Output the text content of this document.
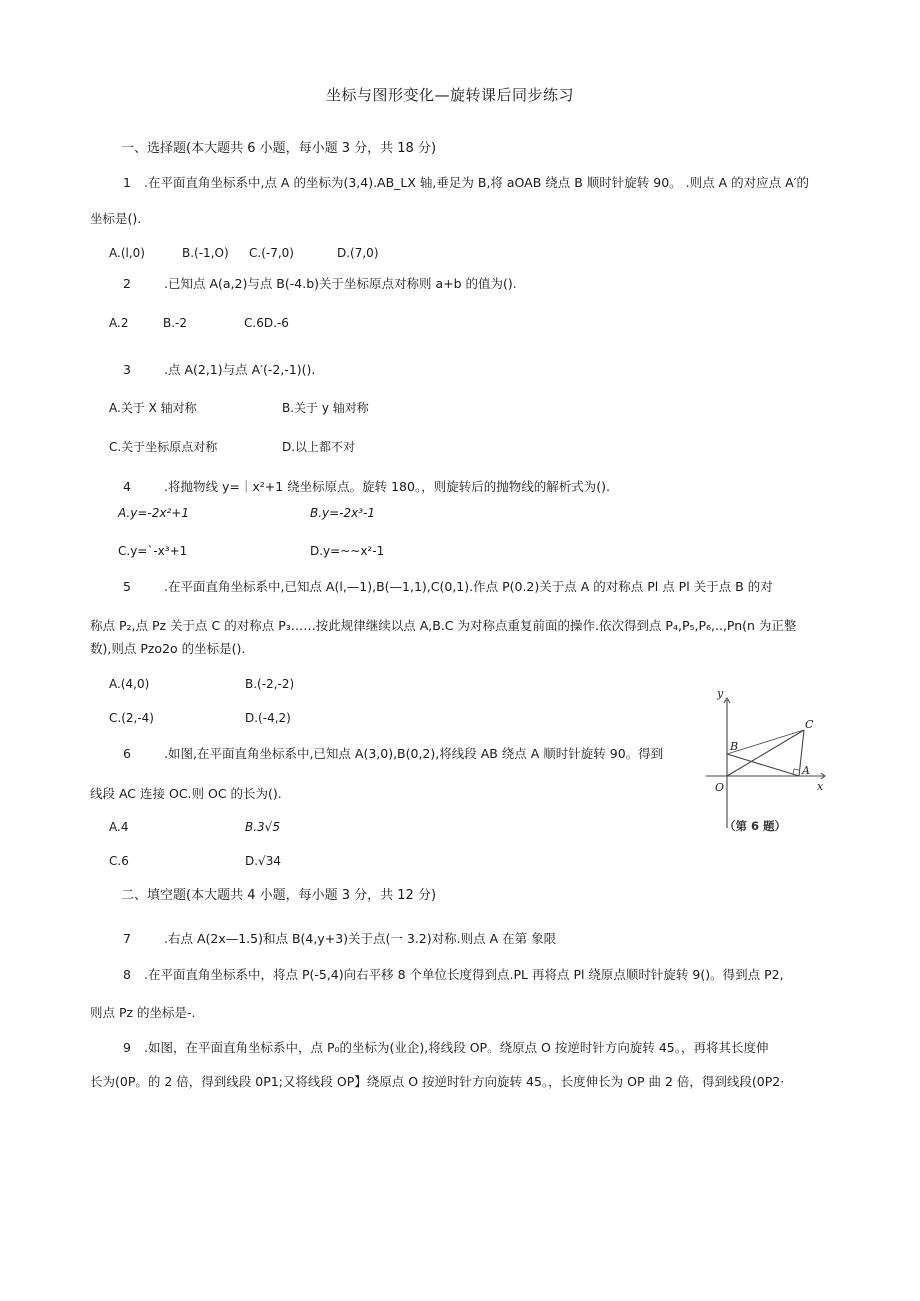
坐标与图形变化—旋转课后同步练习
一、选择题(本大题共 6 小题，每小题 3 分，共 18 分)
1 .在平面直角坐标系中,点 A 的坐标为(3,4).AB_LX 轴,垂足为 B,将 aOAB 绕点 B 顺时针旋转 90。 .则点 A 的对应点 A′的
坐标是().
A.(l,0)	B.(-1,O) C.(-7,0)	D.(7,0)
2	.已知点 A(a,2)与点 B(-4.b)关于坐标原点对称则 a+b 的值为().
A.2	B.-2	C.6D.-6
3	.点 A(2,1)与点 A′(-2,-1)().
A.关于 X 轴对称	B.关于 y 轴对称
C.关于坐标原点对称	D.以上都不对
4	.将抛物线 y=｜x²+1 绕坐标原点。旋转 180。，则旋转后的抛物线的解析式为().
A.y=-2x²+1	B.y=-2x³-1
C.y=`-x³+1	D.y=~~x²-1
5	.在平面直角坐标系中,已知点 A(l,—1),B(—1,1),C(0,1).作点 P(0.2)关于点 A 的对称点 Pl 点 Pl 关于点 B 的对
称点 P₂,点 Pz 关于点 C 的对称点 P₃……按此规律继续以点 A,B.C 为对称点重复前面的操作.依次得到点 P₄,P₅,P₆,..,Pn(n 为正整
数),则点 Pzo2o 的坐标是().
A.(4,0)	B.(-2,-2)
C.(2,-4)	D.(-4,2)
6	.如图,在平面直角坐标系中,已知点 A(3,0),B(0,2),将线段 AB 绕点 A 顺时针旋转 90。得到
线段 AC 连接 OC.则 OC 的长为().
A.4	B.3√5
C.6	D.√34
y
x
O
A
B
C
（第 6 题）
二、填空题(本大题共 4 小题，每小题 3 分，共 12 分)
7	.右点 A(2x—1.5)和点 B(4,y+3)关于点(一 3.2)对称.则点 A 在第 象限
8 .在平面直角坐标系中，将点 P(-5,4)向右平移 8 个单位长度得到点.PL 再将点 Pl 绕原点顺时针旋转 9()。得到点 P2,
则点 Pz 的坐标是-.
9 .如图，在平面直角坐标系中，点 P₀的坐标为(业企),将线段 OP。绕原点 O 按逆时针方向旋转 45。，再将其长度伸
长为(0P。的 2 倍，得到线段 0P1;又将线段 OP】绕原点 O 按逆时针方向旋转 45。，长度伸长为 OP 曲 2 倍，得到线段(0P2·
